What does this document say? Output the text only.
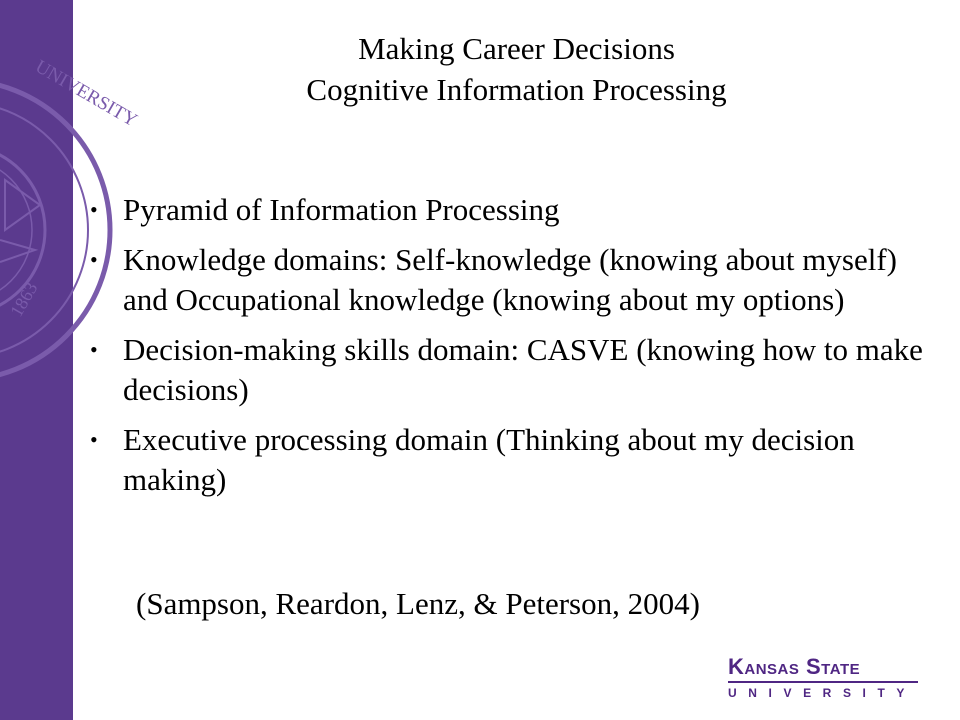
UNIVERSITY
1863
Making Career Decisions
Cognitive Information Processing
• Pyramid of Information Processing
• Knowledge domains: Self-knowledge (knowing about myself) and Occupational knowledge (knowing about my options)
• Decision-making skills domain: CASVE (knowing how to make decisions)
• Executive processing domain (Thinking about my decision making)
(Sampson, Reardon, Lenz, & Peterson, 2004)
Kansas State
UNIVERSITY
